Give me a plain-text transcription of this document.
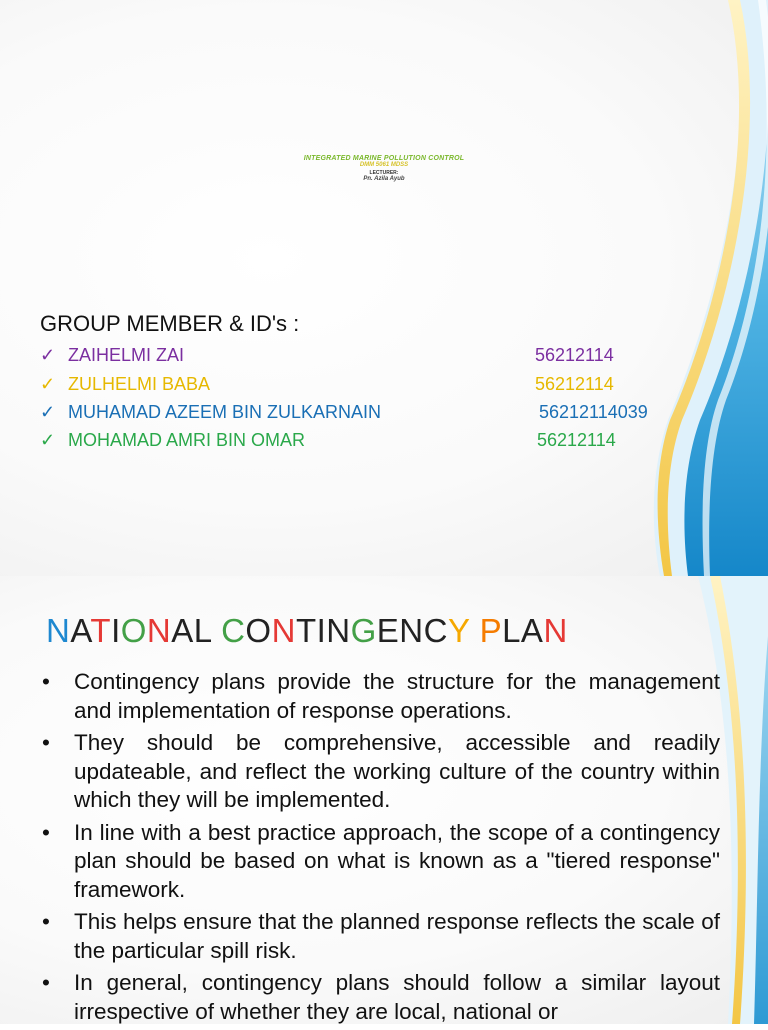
INTEGRATED MARINE POLLUTION CONTROL
DMM 5061 MDSS
LECTURER:
Pn. Azila Ayub
GROUP MEMBER & ID's :
✓ ZAIHELMI ZAI	56212114
✓ ZULHELMI BABA	56212114
✓ MUHAMAD AZEEM BIN ZULKARNAIN	56212114039
✓ MOHAMAD AMRI BIN OMAR	56212114
NATIONAL CONTINGENCY PLAN
• Contingency plans provide the structure for the management and implementation of response operations.
• They should be comprehensive, accessible and readily updateable, and reflect the working culture of the country within which they will be implemented.
• In line with a best practice approach, the scope of a contingency plan should be based on what is known as a "tiered response" framework.
• This helps ensure that the planned response reflects the scale of the particular spill risk.
• In general, contingency plans should follow a similar layout irrespective of whether they are local, national or
